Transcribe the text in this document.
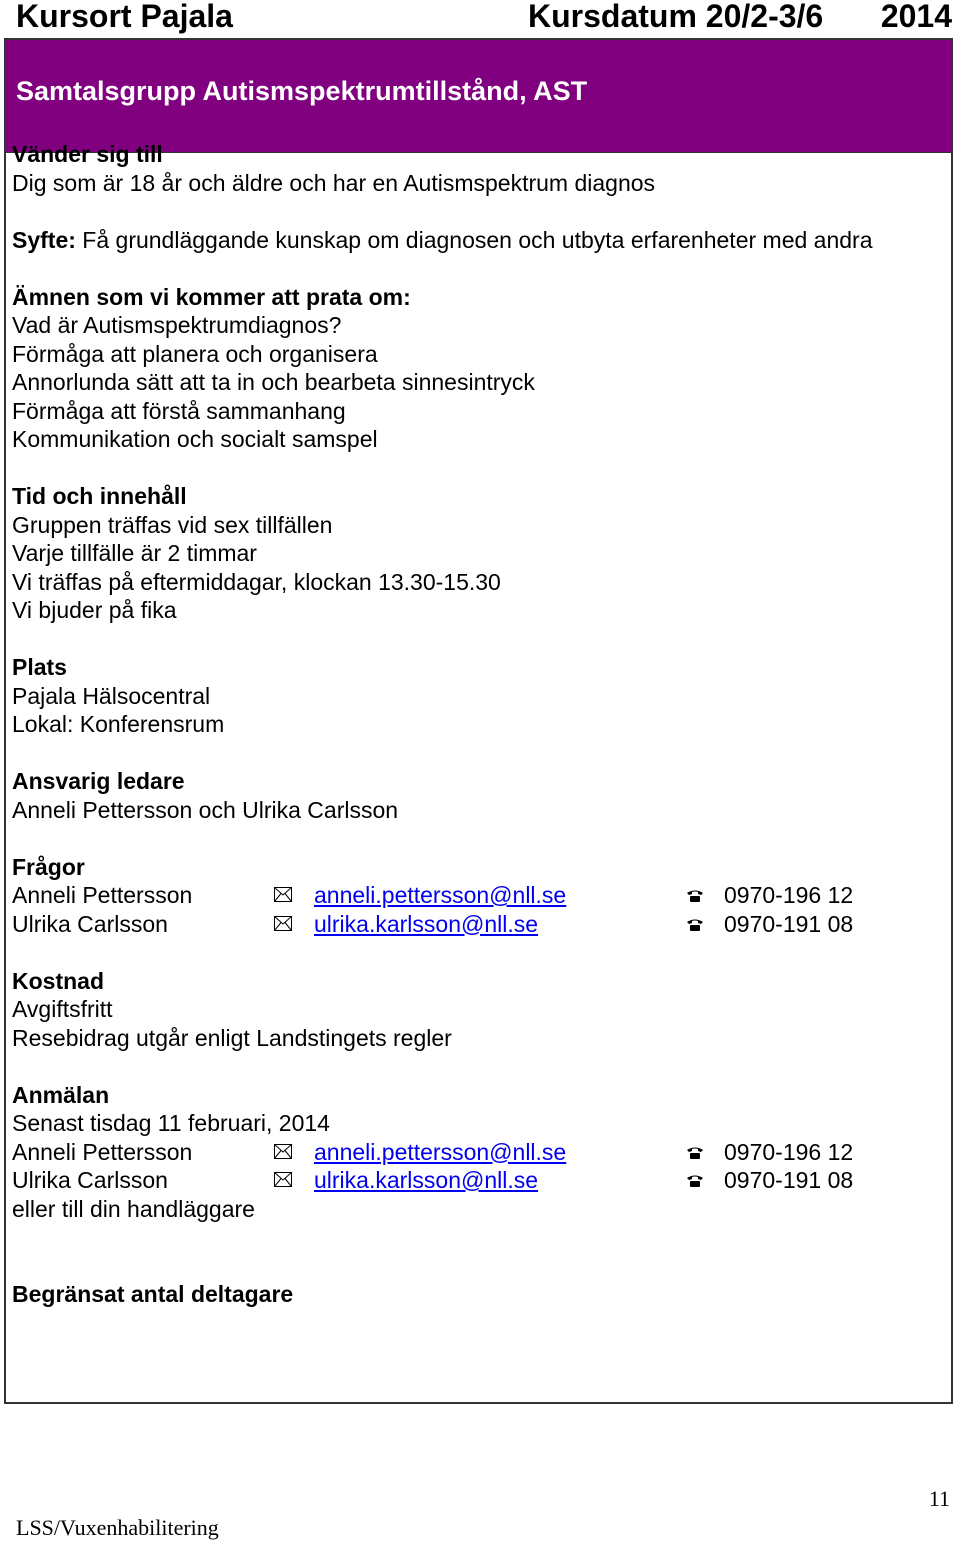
Kursort Pajala	Kursdatum 20/2-3/6 2014
Samtalsgrupp Autismspektrumtillstånd, AST

Vänder sig till

Dig som är 18 år och äldre och har en Autismspektrum diagnos

Syfte: Få grundläggande kunskap om diagnosen och utbyta erfarenheter med andra

Ämnen som vi kommer att prata om:

Vad är Autismspektrumdiagnos?

Förmåga att planera och organisera

Annorlunda sätt att ta in och bearbeta sinnesintryck

Förmåga att förstå sammanhang

Kommunikation och socialt samspel

Tid och innehåll

Gruppen träffas vid sex tillfällen

Varje tillfälle är 2 timmar

Vi träffas på eftermiddagar, klockan 13.30-15.30

Vi bjuder på fika

Plats

Pajala Hälsocentral

Lokal: Konferensrum

Ansvarig ledare

Anneli Pettersson och Ulrika Carlsson

Frågor

Anneli Pettersson	anneli.pettersson@nll.se	0970-196 12
Ulrika Carlsson	ulrika.karlsson@nll.se	0970-191 08

Kostnad

Avgiftsfritt

Resebidrag utgår enligt Landstingets regler

Anmälan

Senast tisdag 11 februari, 2014

Anneli Pettersson	anneli.pettersson@nll.se	0970-196 12
Ulrika Carlsson	ulrika.karlsson@nll.se	0970-191 08

eller till din handläggare

Begränsat antal deltagare

LSS/Vuxenhabilitering
11
